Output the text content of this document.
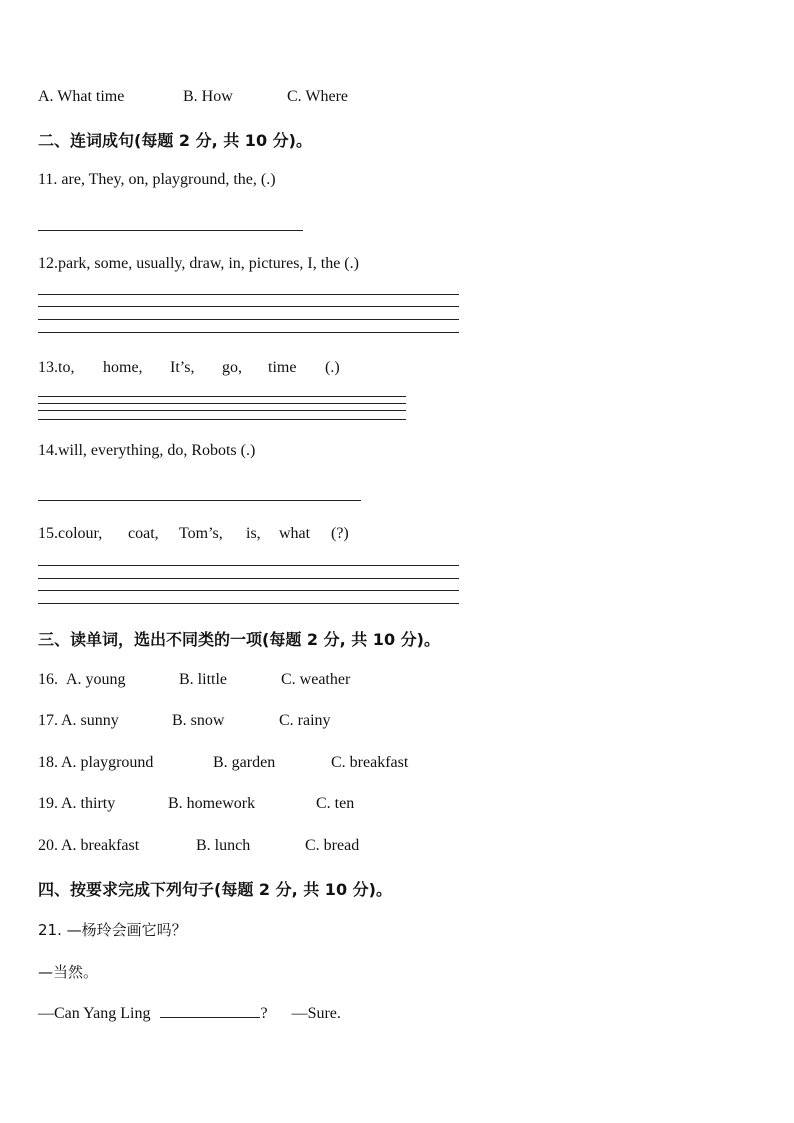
A. What time	B. How	C. Where
二、连词成句(每题 2 分, 共 10 分)。
11. are, They, on, playground, the, (.)
12.park, some, usually, draw, in, pictures, I, the (.)
13.to, home, It’s, go, time (.)
14.will, everything, do, Robots (.)
15.colour, coat, Tom’s, is, what (?)
三、读单词，选出不同类的一项(每题 2 分, 共 10 分)。
16. A. young	B. little	C. weather
17. A. sunny	B. snow	C. rainy
18. A. playground	B. garden	C. breakfast
19. A. thirty	B. homework	C. ten
20. A. breakfast	B. lunch	C. bread
四、按要求完成下列句子(每题 2 分, 共 10 分)。
21. —杨玲会画它吗？
—当然。
—Can Yang Ling	? —Sure.
